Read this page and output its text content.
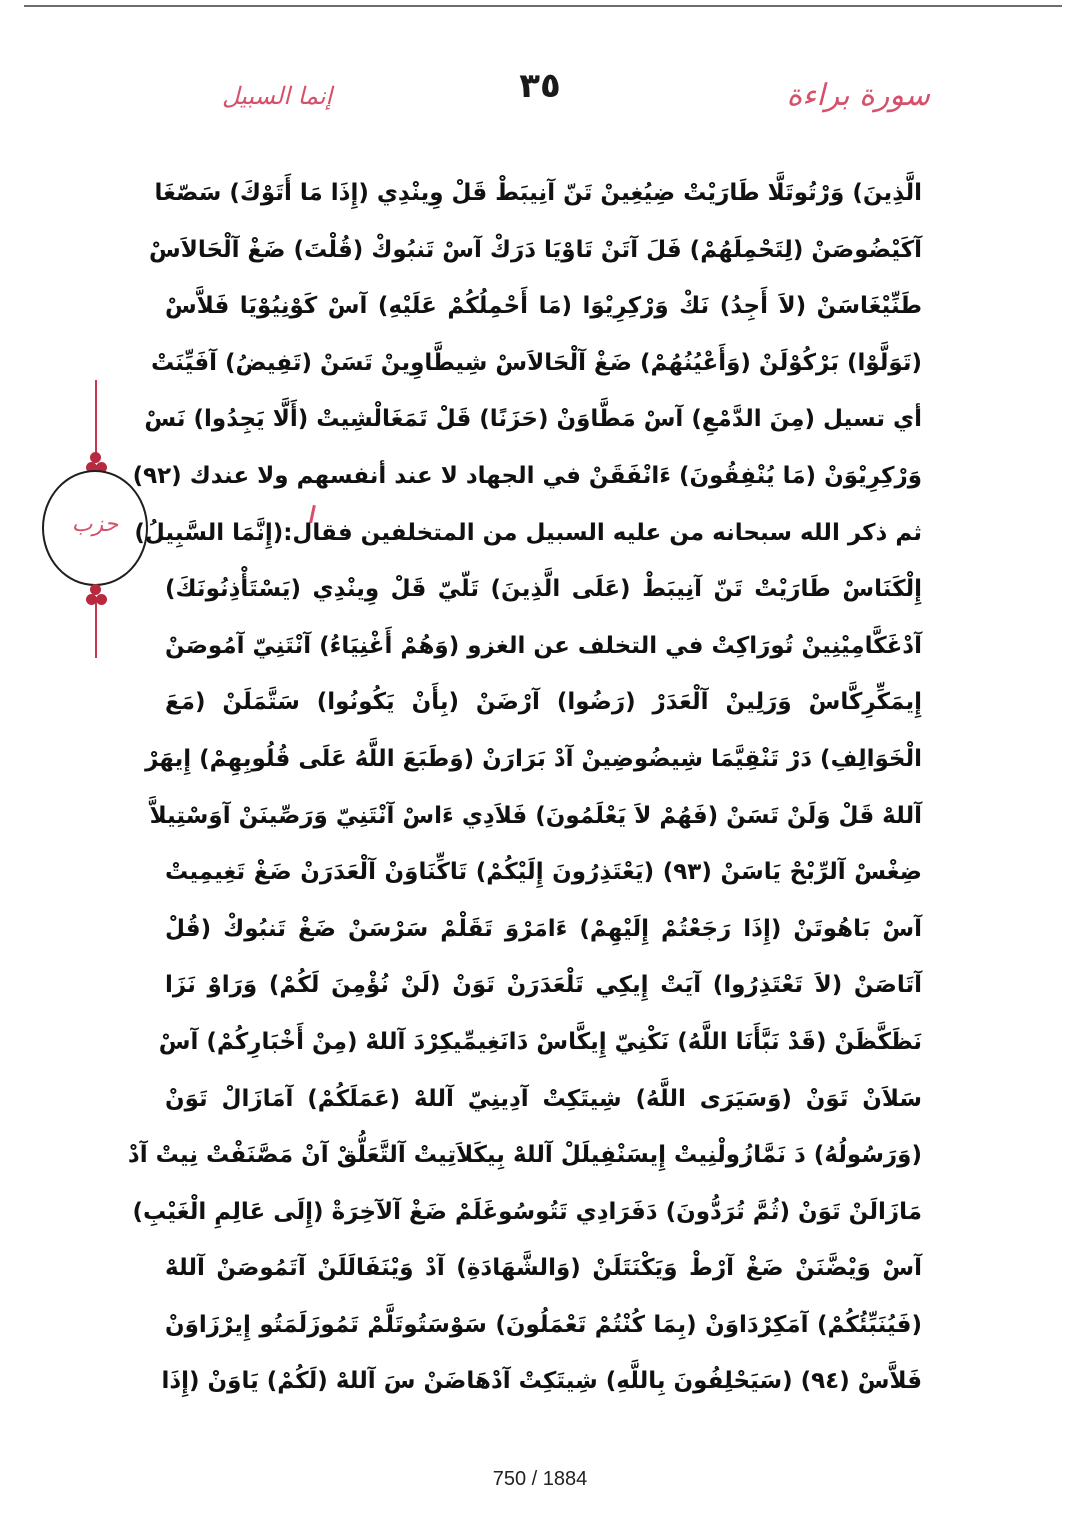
إنما السبيل	٣٥	سورة براءة
حزب
الَّذِينَ) وَرْتُوتَلَّا طَارَيْتْ ضِيُغِينْ تَنّ آنِيبَطْ قَلْ وِينْدِي (إِذَا مَا أَتَوْكَ) سَصّغَا
آكَيْضُوصَنْ (لِتَحْمِلَهُمْ) فَلَ آتَنْ تَاوْيَا دَرَكْ آسْ تَنبُوكْ (قُلْتَ) ضَغْ آلْحَالاَسْ
طَنِّيْغَاسَنْ (لاَ أَجِدُ) نَكْ وَرْكِرِيْوَا (مَا أَحْمِلُكُمْ عَلَيْهِ) آسْ كَوْنِيُوْيَا فَلاَّسْ
(تَوَلَّوْا) بَرْكُوْلَنْ (وَأَعْيُنُهُمْ) ضَغْ آلْحَالاَسْ شِيطَّاوِينْ تَسَنْ (تَفِيضُ) آفَيِّنَتْ
أي تسيل (مِنَ الدَّمْعِ) آسْ مَطَّاوَنْ (حَزَنًا) قَلْ تَمَغَالْشِيتْ (أَلَّا يَجِدُوا) نَسْ
وَرْكِرِيْوَنْ (مَا يُنْفِقُونَ) ءَانْفَقَنْ في الجهاد لا عند أنفسهم ولا عندك (٩٢)
ثم ذكر الله سبحانه من عليه السبيل من المتخلفين فقال:(إِنَّمَا السَّبِيلُ)
إِلْكَنَاسْ طَارَيْتْ تَنّ آنِيبَطْ (عَلَى الَّذِينَ) تَلّيّ قَلْ وِينْدِي (يَسْتَأْذِنُونَكَ)
آدْغَكَّامِيْنِينْ تُورَاكِتْ في التخلف عن الغزو (وَهُمْ أَغْنِيَاءُ) آنْتَنِيّ آمُوصَنْ
إِيمَكِّرِكَّاسْ وَرَلِينْ آلْعَدَرْ (رَضُوا) آرْضَنْ (بِأَنْ يَكُونُوا) سَتَّمَلَنْ (مَعَ
الْخَوَالِفِ) دَرْ تَنْقِيَّمَا شِيضُوضِينْ آدْ بَرَارَنْ (وَطَبَعَ اللَّهُ عَلَى قُلُوبِهِمْ) إِيهَرْ
آللهْ قَلْ وَلَنْ تَسَنْ (فَهُمْ لاَ يَعْلَمُونَ) فَلاَدِي ءَاسْ آنْتَنِيّ وَرَصِّينَنْ آوَسْتِيلاَّ
ضِغْسْ آلرِّبْحْ يَاسَنْ (٩٣) (يَعْتَذِرُونَ إِلَيْكُمْ) تَاكِّنَاوَنْ آلْعَدَرَنْ ضَغْ تَغِيمِيتْ
آسْ بَاهُوتَنْ (إِذَا رَجَعْتُمْ إِلَيْهِمْ) ءَامَرْوَ تَقَلْمْ سَرْسَنْ ضَغْ تَنبُوكْ (قُلْ
آتَاصَنْ (لاَ تَعْتَذِرُوا) آيَتْ إِيكِي تَلْعَدَرَنْ تَوَنْ (لَنْ نُؤْمِنَ لَكُمْ) وَرَاوْ نَزَا
نَظَكَّظَنْ (قَدْ نَبَّأَنَا اللَّهُ) نَكْنِيّ إِيكَّاسْ دَانَغِيمِّيكِرْدَ آللهْ (مِنْ أَخْبَارِكُمْ) آسْ
سَلاَنْ تَوَنْ (وَسَيَرَى اللَّهُ) شِيتَكِتْ آدِينِيّ آللهْ (عَمَلَكُمْ) آمَازَالْ تَوَنْ
(وَرَسُولُهُ) دَ نَمَّازُولْنِيتْ إِيسَنْفِيلَلْ آللهْ بِيكَلاَتِيتْ آلتَّعَلُّقْ آنْ مَصَّنَفْتْ نِيتْ آدْ
مَازَالَنْ تَوَنْ (ثُمَّ تُرَدُّونَ) دَفَرَادِي تَتُوسُوغَلَمْ ضَغْ آلآخِرَةْ (إِلَى عَالِمِ الْغَيْبِ)
آسْ وَيْضَّنَنْ ضَغْ آرْطْ وَيَكْنَتَلَنْ (وَالشَّهَادَةِ) آدْ وَيْنَفَالَلَنْ آتَمُوصَنْ آللهْ
(فَيُنَبِّئُكُمْ) آمَكِرْدَاوَنْ (بِمَا كُنْتُمْ تَعْمَلُونَ) سَوْسَتُوتَلَّمْ تَمُوزَلَمَتُو إِيرْزَاوَنْ
فَلاَّسْ (٩٤) (سَيَحْلِفُونَ بِاللَّهِ) شِيتَكِتْ آدْهَاضَنْ سَ آللهْ (لَكُمْ) يَاوَنْ (إِذَا
750 / 1884
